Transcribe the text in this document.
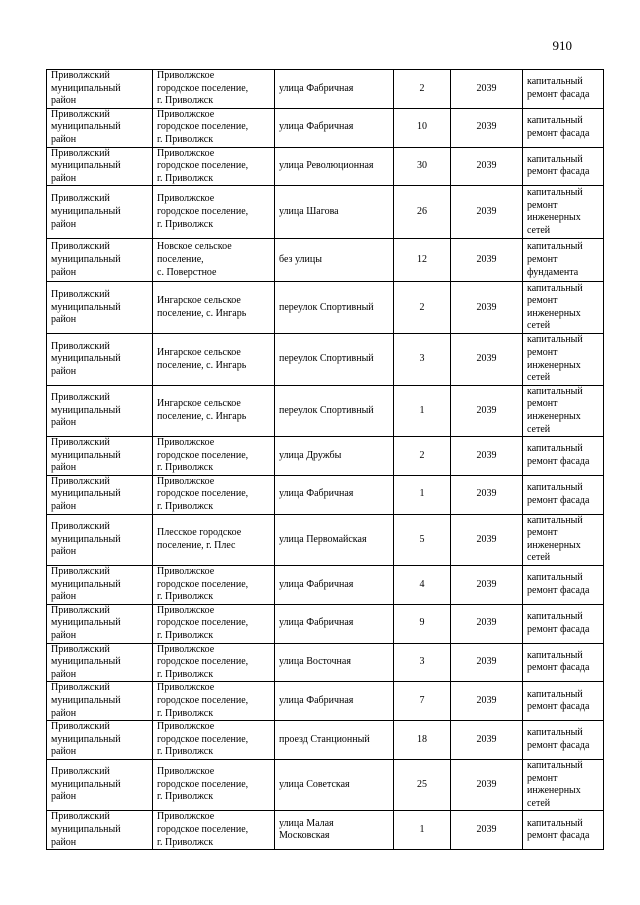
910
Приволжский
муниципальный
район	Приволжское
городское поселение,
г. Приволжск	улица Фабричная	2	2039	капитальный
ремонт фасада
Приволжский
муниципальный
район	Приволжское
городское поселение,
г. Приволжск	улица Фабричная	10	2039	капитальный
ремонт фасада
Приволжский
муниципальный
район	Приволжское
городское поселение,
г. Приволжск	улица Революционная	30	2039	капитальный
ремонт фасада
Приволжский
муниципальный
район	Приволжское
городское поселение,
г. Приволжск	улица Шагова	26	2039	капитальный
ремонт
инженерных
сетей
Приволжский
муниципальный
район	Новское сельское
поселение,
с. Поверстное	без улицы	12	2039	капитальный
ремонт
фундамента
Приволжский
муниципальный
район	Ингарское сельское
поселение, с. Ингарь	переулок Спортивный	2	2039	капитальный
ремонт
инженерных
сетей
Приволжский
муниципальный
район	Ингарское сельское
поселение, с. Ингарь	переулок Спортивный	3	2039	капитальный
ремонт
инженерных
сетей
Приволжский
муниципальный
район	Ингарское сельское
поселение, с. Ингарь	переулок Спортивный	1	2039	капитальный
ремонт
инженерных
сетей
Приволжский
муниципальный
район	Приволжское
городское поселение,
г. Приволжск	улица Дружбы	2	2039	капитальный
ремонт фасада
Приволжский
муниципальный
район	Приволжское
городское поселение,
г. Приволжск	улица Фабричная	1	2039	капитальный
ремонт фасада
Приволжский
муниципальный
район	Плесское городское
поселение, г. Плес	улица Первомайская	5	2039	капитальный
ремонт
инженерных
сетей
Приволжский
муниципальный
район	Приволжское
городское поселение,
г. Приволжск	улица Фабричная	4	2039	капитальный
ремонт фасада
Приволжский
муниципальный
район	Приволжское
городское поселение,
г. Приволжск	улица Фабричная	9	2039	капитальный
ремонт фасада
Приволжский
муниципальный
район	Приволжское
городское поселение,
г. Приволжск	улица Восточная	3	2039	капитальный
ремонт фасада
Приволжский
муниципальный
район	Приволжское
городское поселение,
г. Приволжск	улица Фабричная	7	2039	капитальный
ремонт фасада
Приволжский
муниципальный
район	Приволжское
городское поселение,
г. Приволжск	проезд Станционный	18	2039	капитальный
ремонт фасада
Приволжский
муниципальный
район	Приволжское
городское поселение,
г. Приволжск	улица Советская	25	2039	капитальный
ремонт
инженерных
сетей
Приволжский
муниципальный
район	Приволжское
городское поселение,
г. Приволжск	улица Малая
Московская	1	2039	капитальный
ремонт фасада
